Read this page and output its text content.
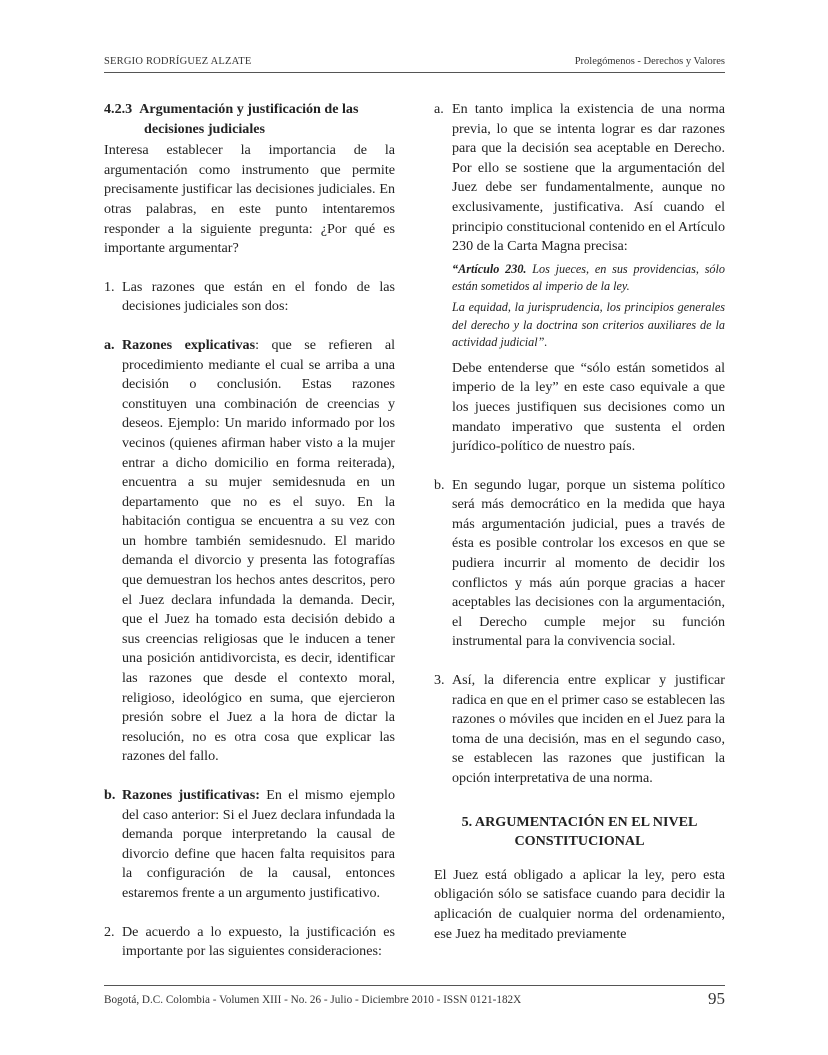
SERGIO RODRÍGUEZ ALZATE	Prolegómenos - Derechos y Valores

4.2.3 Argumentación y justificación de las decisiones judiciales

Interesa establecer la importancia de la argumentación como instrumento que permite precisamente justificar las decisiones judiciales. En otras palabras, en este punto intentaremos responder a la siguiente pregunta: ¿Por qué es importante argumentar?

1. Las razones que están en el fondo de las decisiones judiciales son dos:
a. Razones explicativas: que se refieren al procedimiento mediante el cual se arriba a una decisión o conclusión. Estas razones constituyen una combinación de creencias y deseos. Ejemplo: Un marido informado por los vecinos (quienes afirman haber visto a la mujer entrar a dicho domicilio en forma reiterada), encuentra a su mujer semidesnuda en un departamento que no es el suyo. En la habitación contigua se encuentra a su vez con un hombre también semidesnudo. El marido demanda el divorcio y presenta las fotografías que demuestran los hechos antes descritos, pero el Juez declara infundada la demanda. Decir, que el Juez ha tomado esta decisión debido a sus creencias religiosas que le inducen a tener una posición antidivorcista, es decir, identificar las razones que desde el contexto moral, religioso, ideológico en suma, que ejercieron presión sobre el Juez a la hora de dictar la resolución, no es otra cosa que explicar las razones del fallo.
b. Razones justificativas: En el mismo ejemplo del caso anterior: Si el Juez declara infundada la demanda porque interpretando la causal de divorcio define que hacen falta requisitos para la configuración de la causal, entonces estaremos frente a un argumento justificativo.
2. De acuerdo a lo expuesto, la justificación es importante por las siguientes consideraciones:
a. En tanto implica la existencia de una norma previa, lo que se intenta lograr es dar razones para que la decisión sea aceptable en Derecho. Por ello se sostiene que la argumentación del Juez debe ser fundamentalmente, aunque no exclusivamente, justificativa. Así cuando el principio constitucional contenido en el Artículo 230 de la Carta Magna precisa:

“Artículo 230. Los jueces, en sus providencias, sólo están sometidos al imperio de la ley.

La equidad, la jurisprudencia, los principios generales del derecho y la doctrina son criterios auxiliares de la actividad judicial”.

Debe entenderse que “sólo están sometidos al imperio de la ley” en este caso equivale a que los jueces justifiquen sus decisiones como un mandato imperativo que sustenta el orden jurídico-político de nuestro país.

b. En segundo lugar, porque un sistema político será más democrático en la medida que haya más argumentación judicial, pues a través de ésta es posible controlar los excesos en que se pudiera incurrir al momento de decidir los conflictos y más aún porque gracias a hacer aceptables las decisiones con la argumentación, el Derecho cumple mejor su función instrumental para la convivencia social.
3. Así, la diferencia entre explicar y justificar radica en que en el primer caso se establecen las razones o móviles que inciden en el Juez para la toma de una decisión, mas en el segundo caso, se establecen las razones que justifican la opción interpretativa de una norma.
5. ARGUMENTACIÓN EN EL NIVEL
CONSTITUCIONAL

El Juez está obligado a aplicar la ley, pero esta obligación sólo se satisface cuando para decidir la aplicación de cualquier norma del ordenamiento, ese Juez ha meditado previamente

Bogotá, D.C. Colombia - Volumen XIII - No. 26 - Julio - Diciembre 2010 - ISSN 0121-182X	95
